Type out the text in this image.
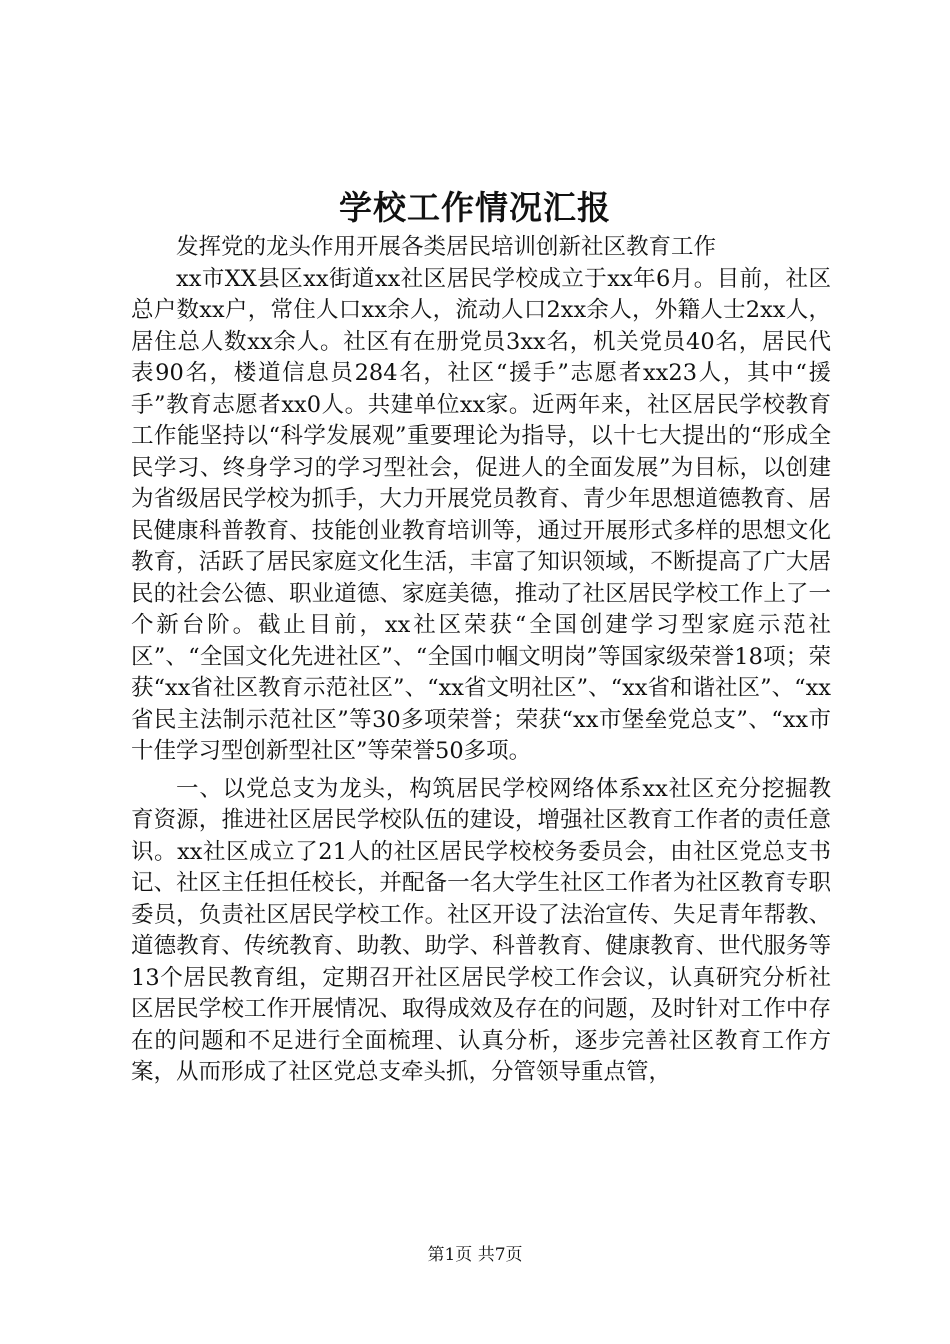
学校工作情况汇报

发挥党的龙头作用开展各类居民培训创新社区教育工作

xx市XX县区xx街道xx社区居民学校成立于xx年6月。目前，社区总户数xx户，常住人口xx余人，流动人口2xx余人，外籍人士2xx人，居住总人数xx余人。社区有在册党员3xx名，机关党员40名，居民代表90名，楼道信息员284名，社区“援手”志愿者xx23人，其中“援手”教育志愿者xx0人。共建单位xx家。近两年来，社区居民学校教育工作能坚持以“科学发展观”重要理论为指导，以十七大提出的“形成全民学习、终身学习的学习型社会，促进人的全面发展”为目标，以创建为省级居民学校为抓手，大力开展党员教育、青少年思想道德教育、居民健康科普教育、技能创业教育培训等，通过开展形式多样的思想文化教育，活跃了居民家庭文化生活，丰富了知识领域，不断提高了广大居民的社会公德、职业道德、家庭美德，推动了社区居民学校工作上了一个新台阶。截止目前，xx社区荣获“全国创建学习型家庭示范社区”、“全国文化先进社区”、“全国巾帼文明岗”等国家级荣誉18项；荣获“xx省社区教育示范社区”、“xx省文明社区”、“xx省和谐社区”、“xx省民主法制示范社区”等30多项荣誉；荣获“xx市堡垒党总支”、“xx市十佳学习型创新型社区”等荣誉50多项。

一、以党总支为龙头，构筑居民学校网络体系xx社区充分挖掘教育资源，推进社区居民学校队伍的建设，增强社区教育工作者的责任意识。xx社区成立了21人的社区居民学校校务委员会，由社区党总支书记、社区主任担任校长，并配备一名大学生社区工作者为社区教育专职委员，负责社区居民学校工作。社区开设了法治宣传、失足青年帮教、道德教育、传统教育、助教、助学、科普教育、健康教育、世代服务等13个居民教育组，定期召开社区居民学校工作会议，认真研究分析社区居民学校工作开展情况、取得成效及存在的问题，及时针对工作中存在的问题和不足进行全面梳理、认真分析，逐步完善社区教育工作方案，从而形成了社区党总支牵头抓，分管领导重点管，

第1页 共7页
